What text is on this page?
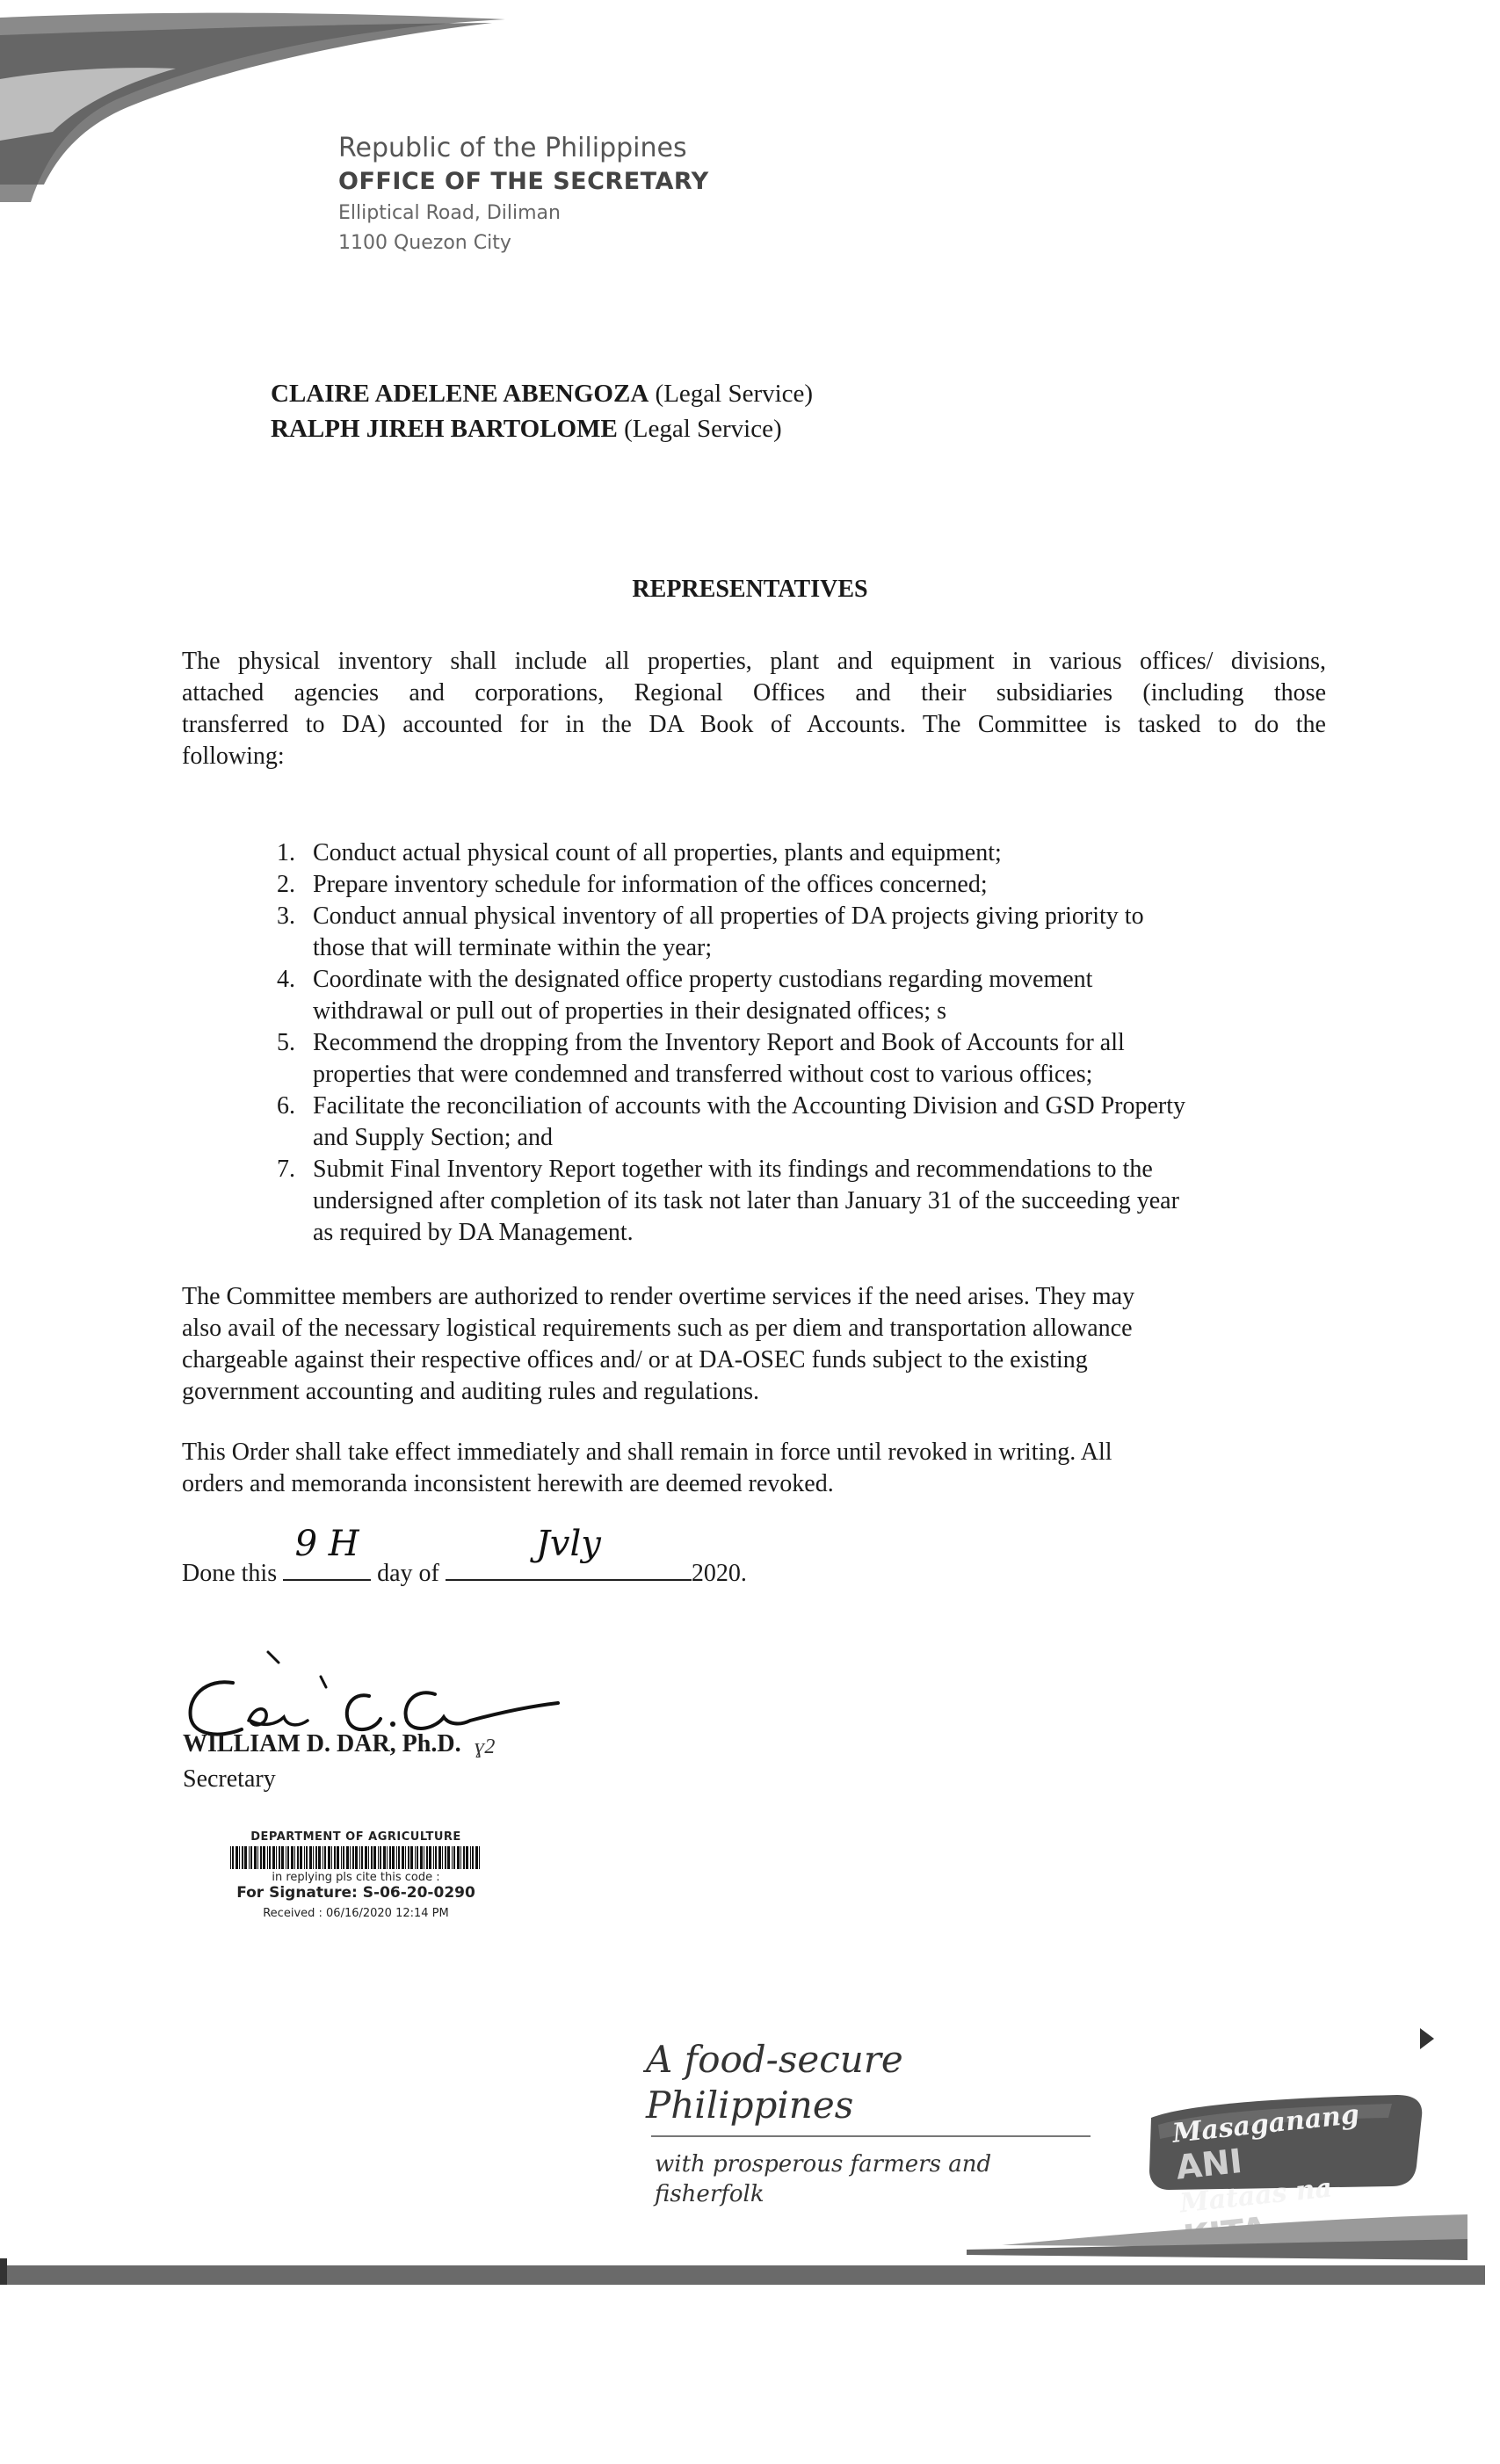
Republic of the Philippines
OFFICE OF THE SECRETARY
Elliptical Road, Diliman
1100 Quezon City
CLAIRE ADELENE ABENGOZA (Legal Service)
RALPH JIREH BARTOLOME (Legal Service)
REPRESENTATIVES
The physical inventory shall include all properties, plant and equipment in various offices/ divisions,
attached agencies and corporations, Regional Offices and their subsidiaries (including those
transferred to DA) accounted for in the DA Book of Accounts. The Committee is tasked to do the
following:
1. Conduct actual physical count of all properties, plants and equipment;
2. Prepare inventory schedule for information of the offices concerned;
3. Conduct annual physical inventory of all properties of DA projects giving priority to
those that will terminate within the year;
4. Coordinate with the designated office property custodians regarding movement
withdrawal or pull out of properties in their designated offices; s
5. Recommend the dropping from the Inventory Report and Book of Accounts for all
properties that were condemned and transferred without cost to various offices;
6. Facilitate the reconciliation of accounts with the Accounting Division and GSD Property
and Supply Section; and
7. Submit Final Inventory Report together with its findings and recommendations to the
undersigned after completion of its task not later than January 31 of the succeeding year
as required by DA Management.
The Committee members are authorized to render overtime services if the need arises. They may
also avail of the necessary logistical requirements such as per diem and transportation allowance
chargeable against their respective offices and/ or at DA-OSEC funds subject to the existing
government accounting and auditing rules and regulations.
This Order shall take effect immediately and shall remain in force until revoked in writing. All
orders and memoranda inconsistent herewith are deemed revoked.
Done this
9 H
day of
Jvly
2020.
WILLIAM D. DAR, Ph.D.
Secretary
ɣ2
DEPARTMENT OF AGRICULTURE
in replying pls cite this code :
For Signature: S-06-20-0290
Received : 06/16/2020 12:14 PM
A food-secure Philippines
with prosperous farmers and fisherfolk
Masaganang ANI
Mataas na
